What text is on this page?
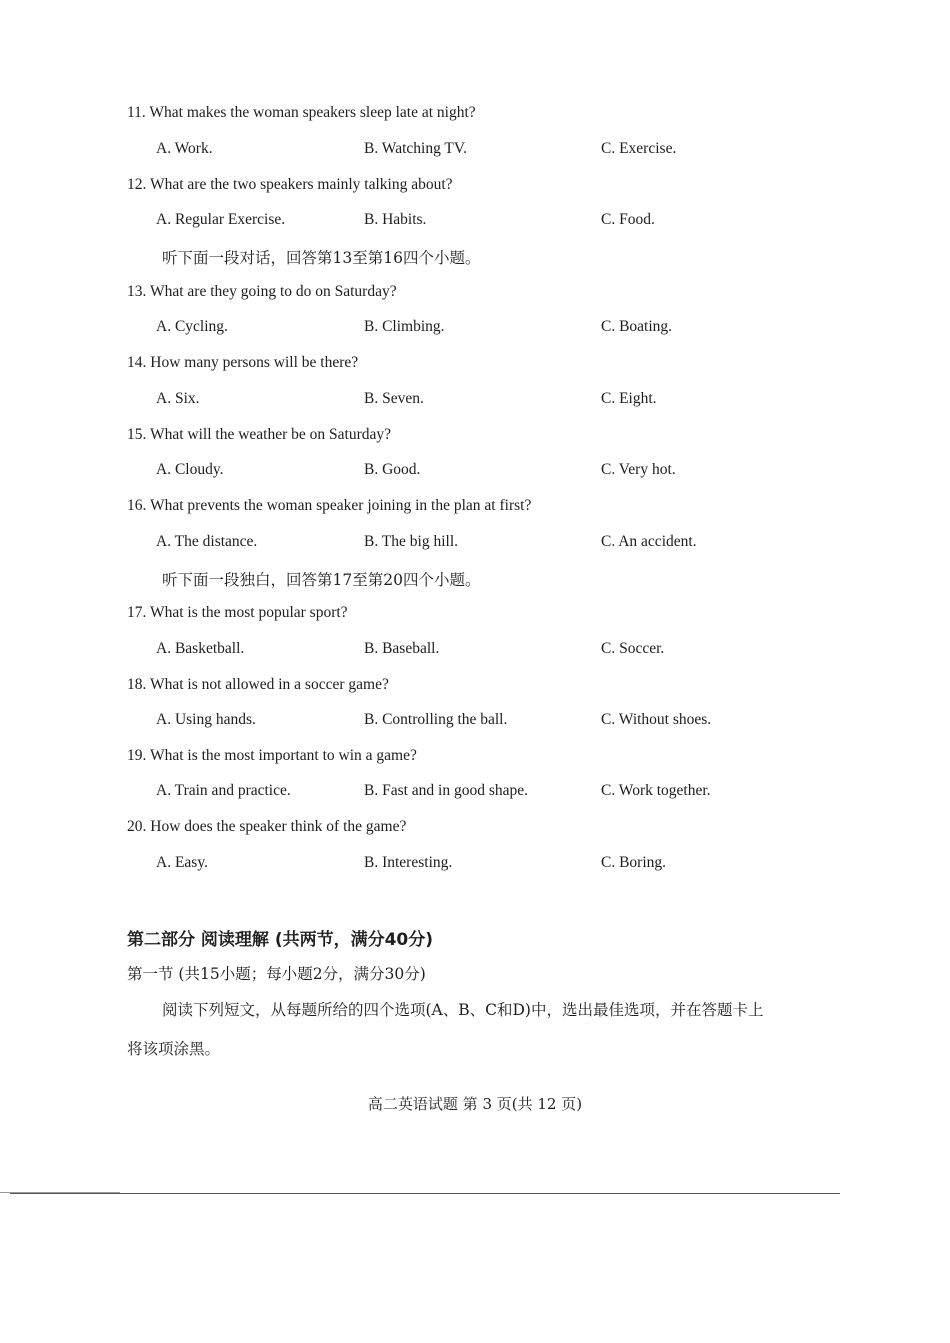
11. What makes the woman speakers sleep late at night?
A. Work.	B. Watching TV.	C. Exercise.
12. What are the two speakers mainly talking about?
A. Regular Exercise.	B. Habits.	C. Food.
听下面一段对话，回答第13至第16四个小题。
13. What are they going to do on Saturday?
A. Cycling.	B. Climbing.	C. Boating.
14. How many persons will be there?
A. Six.	B. Seven.	C. Eight.
15. What will the weather be on Saturday?
A. Cloudy.	B. Good.	C. Very hot.
16. What prevents the woman speaker joining in the plan at first?
A. The distance.	B. The big hill.	C. An accident.
听下面一段独白，回答第17至第20四个小题。
17. What is the most popular sport?
A. Basketball.	B. Baseball.	C. Soccer.
18. What is not allowed in a soccer game?
A. Using hands.	B. Controlling the ball.	C. Without shoes.
19. What is the most important to win a game?
A. Train and practice.	B. Fast and in good shape.	C. Work together.
20. How does the speaker think of the game?
A. Easy.	B. Interesting.	C. Boring.
第二部分 阅读理解 (共两节，满分40分)
第一节 (共15小题；每小题2分，满分30分)
阅读下列短文，从每题所给的四个选项(A、B、C和D)中，选出最佳选项，并在答题卡上
将该项涂黑。
高二英语试题 第 3 页(共 12 页)
